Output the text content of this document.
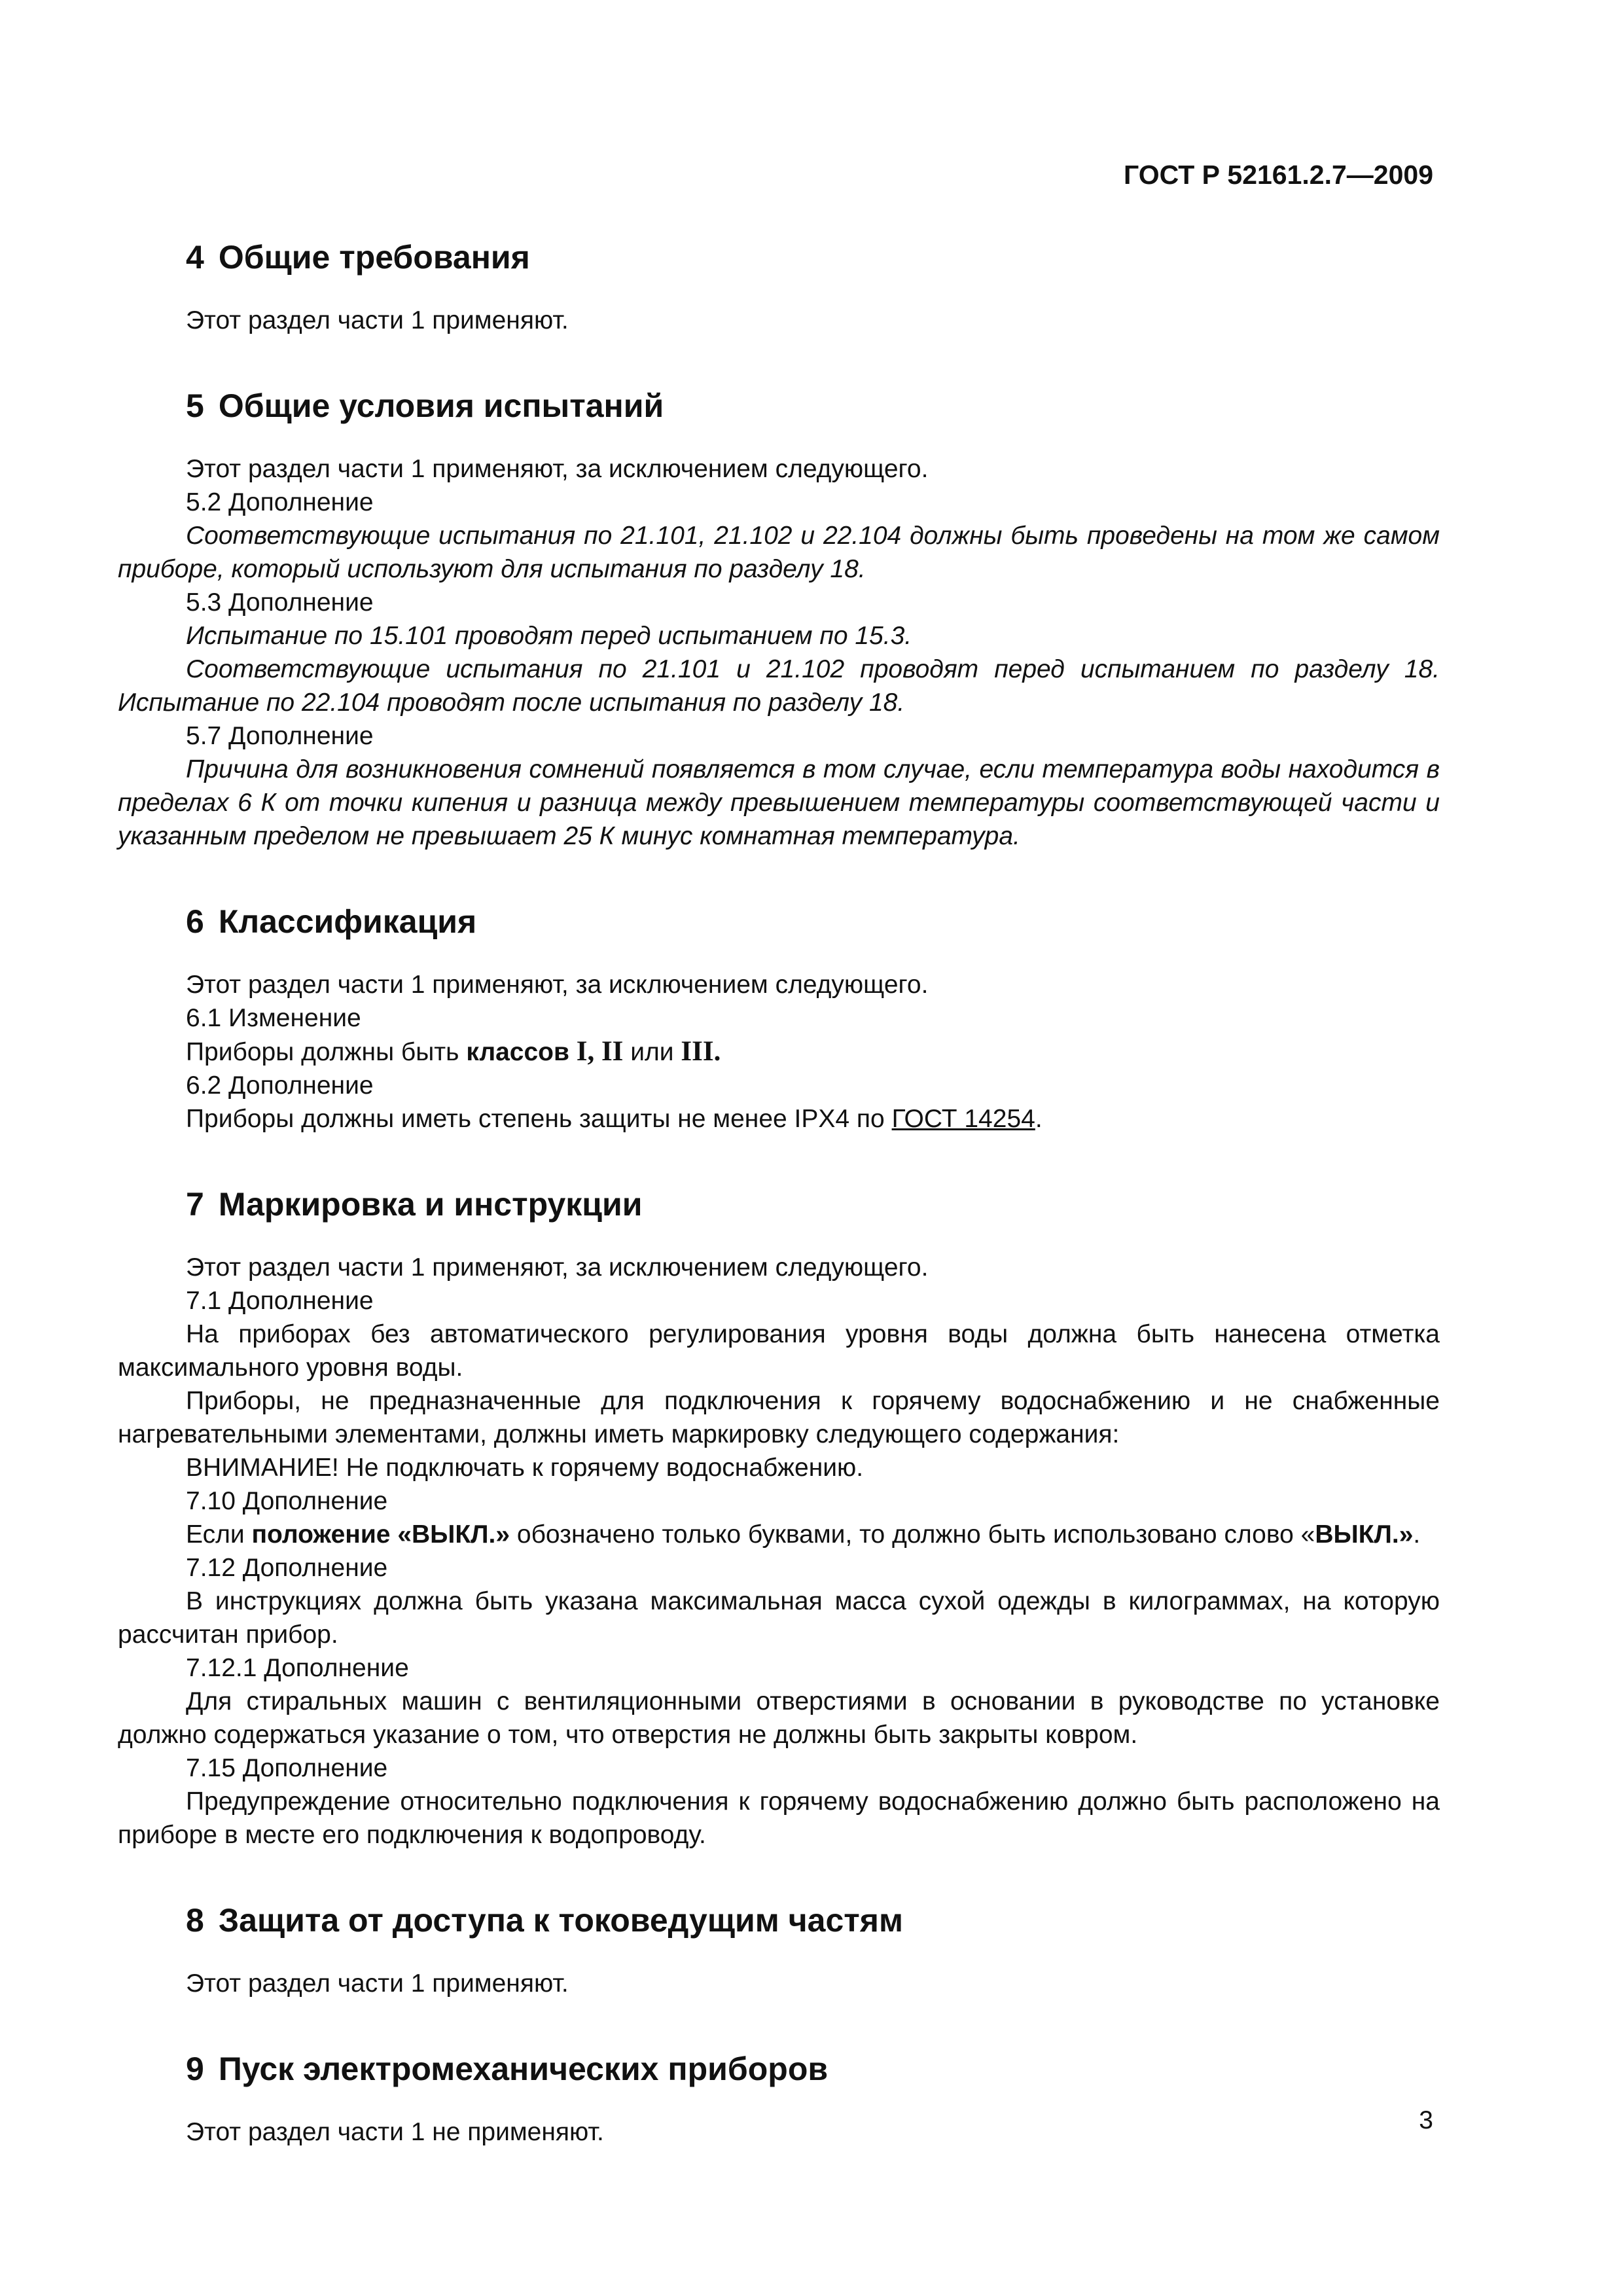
ГОСТ Р 52161.2.7—2009
4 Общие требования

Этот раздел части 1 применяют.

5 Общие условия испытаний

Этот раздел части 1 применяют, за исключением следующего.

5.2 Дополнение

Соответствующие испытания по 21.101, 21.102 и 22.104 должны быть проведены на том же самом приборе, который используют для испытания по разделу 18.

5.3 Дополнение

Испытание по 15.101 проводят перед испытанием по 15.3.

Соответствующие испытания по 21.101 и 21.102 проводят перед испытанием по разделу 18. Испытание по 22.104 проводят после испытания по разделу 18.

5.7 Дополнение

Причина для возникновения сомнений появляется в том случае, если температура воды находится в пределах 6 К от точки кипения и разница между превышением температуры соответствующей части и указанным пределом не превышает 25 К минус комнатная температура.

6 Классификация

Этот раздел части 1 применяют, за исключением следующего.

6.1 Изменение

Приборы должны быть классов I, II или III.

6.2 Дополнение

Приборы должны иметь степень защиты не менее IPX4 по ГОСТ 14254.

7 Маркировка и инструкции

Этот раздел части 1 применяют, за исключением следующего.

7.1 Дополнение

На приборах без автоматического регулирования уровня воды должна быть нанесена отметка максимального уровня воды.

Приборы, не предназначенные для подключения к горячему водоснабжению и не снабженные нагревательными элементами, должны иметь маркировку следующего содержания:

ВНИМАНИЕ! Не подключать к горячему водоснабжению.

7.10 Дополнение

Если положение «ВЫКЛ.» обозначено только буквами, то должно быть использовано слово «ВЫКЛ.».

7.12 Дополнение

В инструкциях должна быть указана максимальная масса сухой одежды в килограммах, на которую рассчитан прибор.

7.12.1 Дополнение

Для стиральных машин с вентиляционными отверстиями в основании в руководстве по установке должно содержаться указание о том, что отверстия не должны быть закрыты ковром.

7.15 Дополнение

Предупреждение относительно подключения к горячему водоснабжению должно быть расположено на приборе в месте его подключения к водопроводу.

8 Защита от доступа к токоведущим частям

Этот раздел части 1 применяют.

9 Пуск электромеханических приборов

Этот раздел части 1 не применяют.	3
